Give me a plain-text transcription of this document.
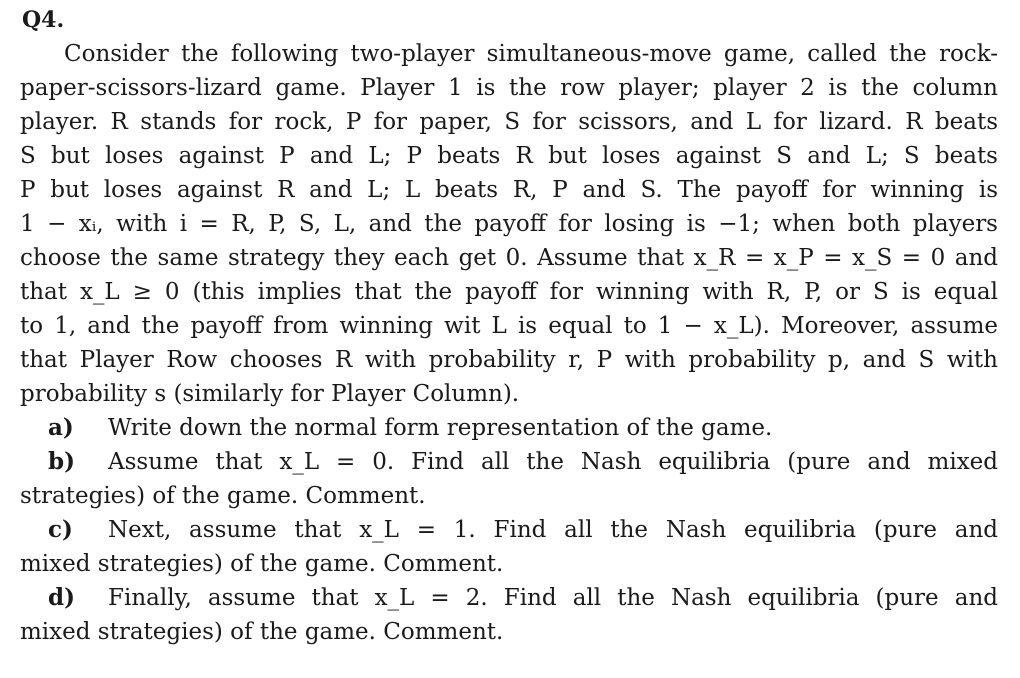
Q4.
Consider the following two-player simultaneous-move game, called the rock-
paper-scissors-lizard game. Player 1 is the row player; player 2 is the column
player. R stands for rock, P for paper, S for scissors, and L for lizard. R beats
S but loses against P and L; P beats R but loses against S and L; S beats
P but loses against R and L; L beats R, P and S. The payoff for winning is
1 − xᵢ, with i = R, P, S, L, and the payoff for losing is −1; when both players
choose the same strategy they each get 0. Assume that x_R = x_P = x_S = 0 and
that x_L ≥ 0 (this implies that the payoff for winning with R, P, or S is equal
to 1, and the payoff from winning wit L is equal to 1 − x_L). Moreover, assume
that Player Row chooses R with probability r, P with probability p, and S with
probability s (similarly for Player Column).
a)	Write down the normal form representation of the game.
b)	Assume that x_L = 0. Find all the Nash equilibria (pure and mixed
strategies) of the game. Comment.
c)	Next, assume that x_L = 1. Find all the Nash equilibria (pure and
mixed strategies) of the game. Comment.
d)	Finally, assume that x_L = 2. Find all the Nash equilibria (pure and
mixed strategies) of the game. Comment.
